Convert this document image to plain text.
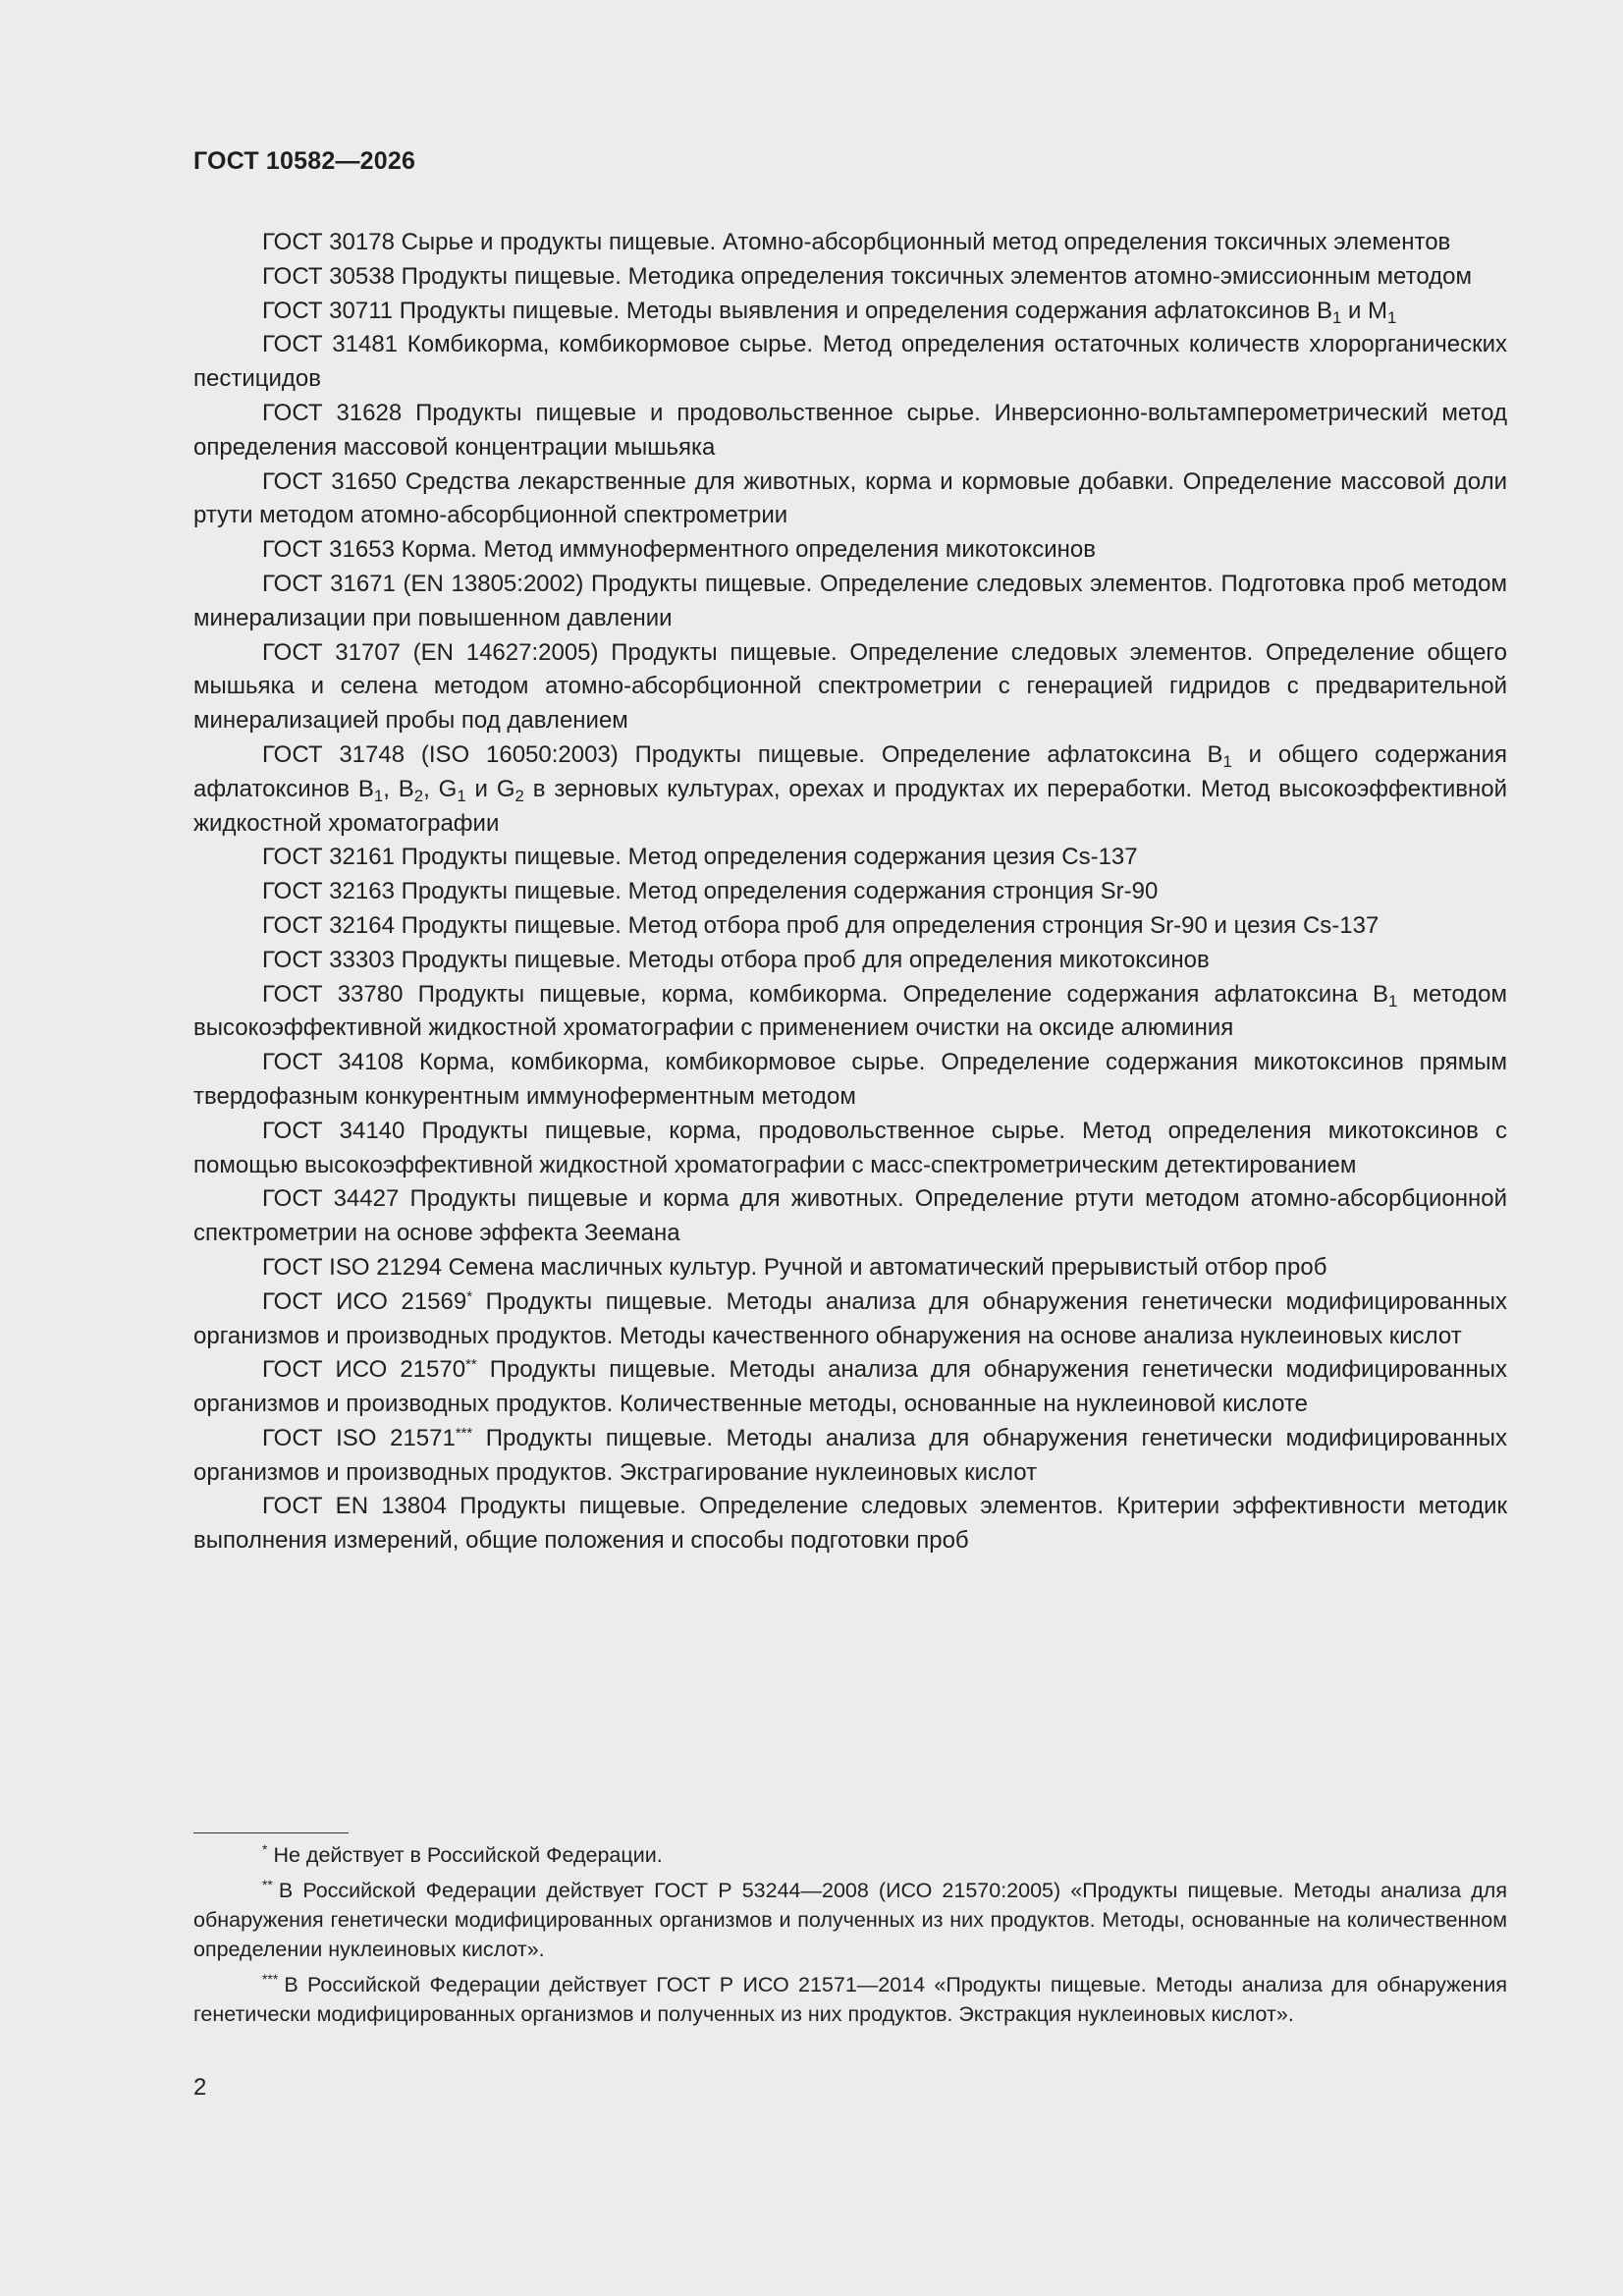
ГОСТ 10582—2026

ГОСТ 30178 Сырье и продукты пищевые. Атомно-абсорбционный метод определения токсичных элементов

ГОСТ 30538 Продукты пищевые. Методика определения токсичных элементов атомно-эмиссионным методом

ГОСТ 30711 Продукты пищевые. Методы выявления и определения содержания афлатоксинов $B_1$ и $M_1$

ГОСТ 31481 Комбикорма, комбикормовое сырье. Метод определения остаточных количеств хлорорганических пестицидов

ГОСТ 31628 Продукты пищевые и продовольственное сырье. Инверсионно-вольтамперометрический метод определения массовой концентрации мышьяка

ГОСТ 31650 Средства лекарственные для животных, корма и кормовые добавки. Определение массовой доли ртути методом атомно-абсорбционной спектрометрии

ГОСТ 31653 Корма. Метод иммуноферментного определения микотоксинов

ГОСТ 31671 (EN 13805:2002) Продукты пищевые. Определение следовых элементов. Подготовка проб методом минерализации при повышенном давлении

ГОСТ 31707 (EN 14627:2005) Продукты пищевые. Определение следовых элементов. Определение общего мышьяка и селена методом атомно-абсорбционной спектрометрии с генерацией гидридов с предварительной минерализацией пробы под давлением

ГОСТ 31748 (ISO 16050:2003) Продукты пищевые. Определение афлатоксина $B_1$ и общего содержания афлатоксинов $B_1$, $B_2$, $G_1$ и $G_2$ в зерновых культурах, орехах и продуктах их переработки. Метод высокоэффективной жидкостной хроматографии

ГОСТ 32161 Продукты пищевые. Метод определения содержания цезия Cs-137

ГОСТ 32163 Продукты пищевые. Метод определения содержания стронция Sr-90

ГОСТ 32164 Продукты пищевые. Метод отбора проб для определения стронция Sr-90 и цезия Cs-137

ГОСТ 33303 Продукты пищевые. Методы отбора проб для определения микотоксинов

ГОСТ 33780 Продукты пищевые, корма, комбикорма. Определение содержания афлатоксина $B_1$ методом высокоэффективной жидкостной хроматографии с применением очистки на оксиде алюминия

ГОСТ 34108 Корма, комбикорма, комбикормовое сырье. Определение содержания микотоксинов прямым твердофазным конкурентным иммуноферментным методом

ГОСТ 34140 Продукты пищевые, корма, продовольственное сырье. Метод определения микотоксинов с помощью высокоэффективной жидкостной хроматографии с масс-спектрометрическим детектированием

ГОСТ 34427 Продукты пищевые и корма для животных. Определение ртути методом атомно-абсорбционной спектрометрии на основе эффекта Зеемана

ГОСТ ISO 21294 Семена масличных культур. Ручной и автоматический прерывистый отбор проб

ГОСТ ИСО 21569* Продукты пищевые. Методы анализа для обнаружения генетически модифицированных организмов и производных продуктов. Методы качественного обнаружения на основе анализа нуклеиновых кислот

ГОСТ ИСО 21570** Продукты пищевые. Методы анализа для обнаружения генетически модифицированных организмов и производных продуктов. Количественные методы, основанные на нуклеиновой кислоте

ГОСТ ISO 21571*** Продукты пищевые. Методы анализа для обнаружения генетически модифицированных организмов и производных продуктов. Экстрагирование нуклеиновых кислот

ГОСТ EN 13804 Продукты пищевые. Определение следовых элементов. Критерии эффективности методик выполнения измерений, общие положения и способы подготовки проб

* Не действует в Российской Федерации.

** В Российской Федерации действует ГОСТ Р 53244—2008 (ИСО 21570:2005) «Продукты пищевые. Методы анализа для обнаружения генетически модифицированных организмов и полученных из них продуктов. Методы, основанные на количественном определении нуклеиновых кислот».

*** В Российской Федерации действует ГОСТ Р ИСО 21571—2014 «Продукты пищевые. Методы анализа для обнаружения генетически модифицированных организмов и полученных из них продуктов. Экстракция нуклеиновых кислот».

2
